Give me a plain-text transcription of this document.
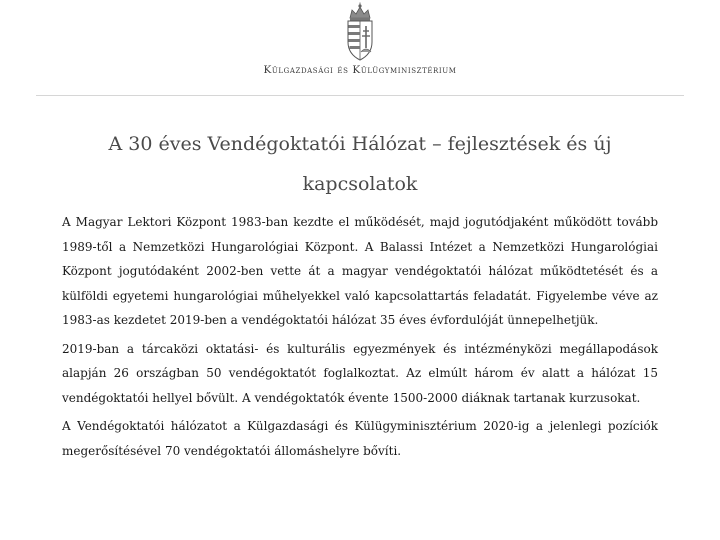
Külgazdasági és Külügyminisztérium
A 30 éves Vendégoktatói Hálózat – fejlesztések és új kapcsolatok

A Magyar Lektori Központ 1983-ban kezdte el működését, majd jogutódjaként működött tovább 1989-től a Nemzetközi Hungarológiai Központ. A Balassi Intézet a Nemzetközi Hungarológiai Központ jogutódaként 2002-ben vette át a magyar vendégoktatói hálózat működtetését és a külföldi egyetemi hungarológiai műhelyekkel való kapcsolattartás feladatát. Figyelembe véve az 1983-as kezdetet 2019-ben a vendégoktatói hálózat 35 éves évfordulóját ünnepelhetjük.

2019-ban a tárcaközi oktatási- és kulturális egyezmények és intézményközi megállapodások alapján 26 országban 50 vendégoktatót foglalkoztat. Az elmúlt három év alatt a hálózat 15 vendégoktatói hellyel bővült. A vendégoktatók évente 1500-2000 diáknak tartanak kurzusokat.

A Vendégoktatói hálózatot a Külgazdasági és Külügyminisztérium 2020-ig a jelenlegi pozíciók megerősítésével 70 vendégoktatói állomáshelyre bővíti.
